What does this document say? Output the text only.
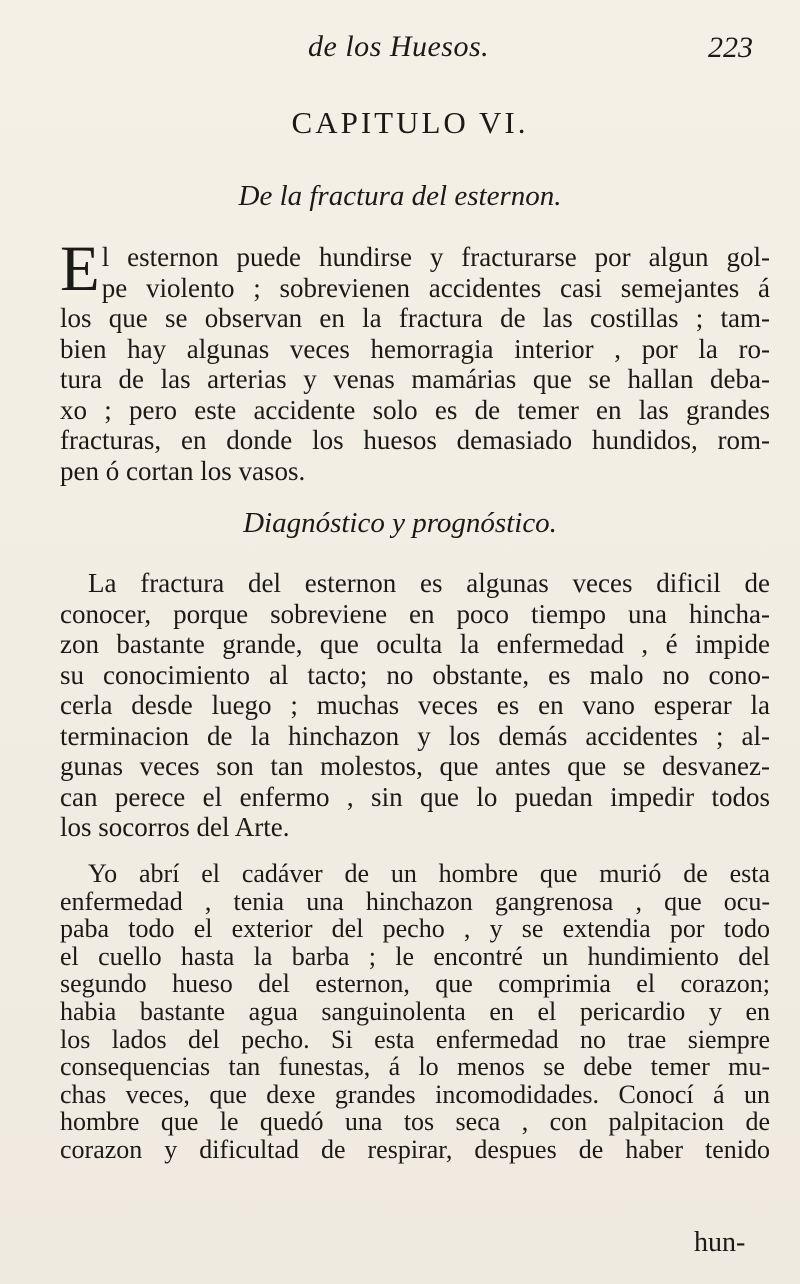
de los Huesos.	223
CAPITULO VI.
De la fractura del esternon.
E l esternon puede hundirse y fracturarse por algun gol-
pe violento ; sobrevienen accidentes casi semejantes á
los que se observan en la fractura de las costillas ; tam-
bien hay algunas veces hemorragia interior , por la ro-
tura de las arterias y venas mamárias que se hallan deba-
xo ; pero este accidente solo es de temer en las grandes
fracturas, en donde los huesos demasiado hundidos, rom-
pen ó cortan los vasos.
Diagnóstico y prognóstico.
La fractura del esternon es algunas veces dificil de
conocer, porque sobreviene en poco tiempo una hincha-
zon bastante grande, que oculta la enfermedad , é impide
su conocimiento al tacto; no obstante, es malo no cono-
cerla desde luego ; muchas veces es en vano esperar la
terminacion de la hinchazon y los demás accidentes ; al-
gunas veces son tan molestos, que antes que se desvanez-
can perece el enfermo , sin que lo puedan impedir todos
los socorros del Arte.
Yo abrí el cadáver de un hombre que murió de esta
enfermedad , tenia una hinchazon gangrenosa , que ocu-
paba todo el exterior del pecho , y se extendia por todo
el cuello hasta la barba ; le encontré un hundimiento del
segundo hueso del esternon, que comprimia el corazon;
habia bastante agua sanguinolenta en el pericardio y en
los lados del pecho. Si esta enfermedad no trae siempre
consequencias tan funestas, á lo menos se debe temer mu-
chas veces, que dexe grandes incomodidades. Conocí á un
hombre que le quedó una tos seca , con palpitacion de
corazon y dificultad de respirar, despues de haber tenido
hun-
